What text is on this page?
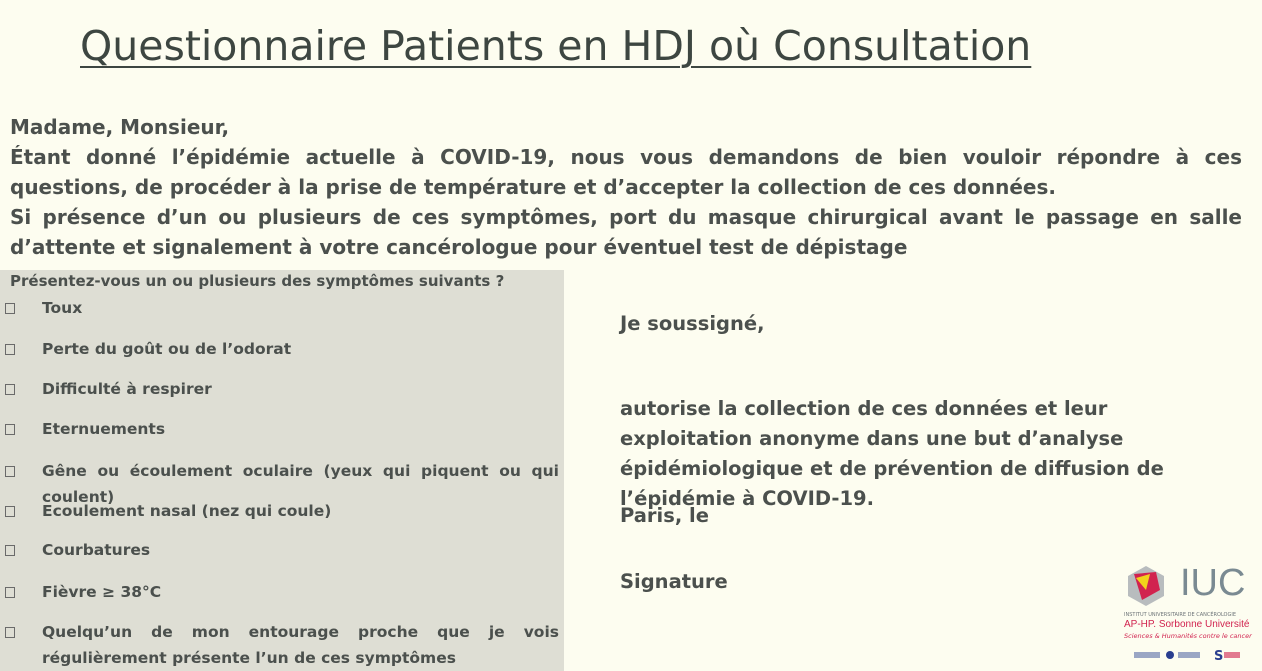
Questionnaire Patients en HDJ où Consultation

Madame, Monsieur,

Étant donné l’épidémie actuelle à COVID-19, nous vous demandons de bien vouloir répondre à ces questions, de procéder à la prise de température et d’accepter la collection de ces données.

Si présence d’un ou plusieurs de ces symptômes, port du masque chirurgical avant le passage en salle d’attente et signalement à votre cancérologue pour éventuel test de dépistage

Présentez-vous un ou plusieurs des symptômes suivants ?
Toux
Perte du goût ou de l’odorat
Difficulté à respirer
Eternuements
Gêne ou écoulement oculaire (yeux qui piquent ou qui coulent)
Ecoulement nasal (nez qui coule)
Courbatures
Fièvre ≥ 38°C
Quelqu’un de mon entourage proche que je vois régulièrement présente l’un de ces symptômes
Je soussigné,
autorise la collection de ces données et leur exploitation anonyme dans une but d’analyse épidémiologique et de prévention de diffusion de l’épidémie à COVID-19.
Paris, le
Signature	IUC
INSTITUT UNIVERSITAIRE DE CANCÉROLOGIE
AP-HP. Sorbonne Université
Sciences & Humanités contre le cancer
S
